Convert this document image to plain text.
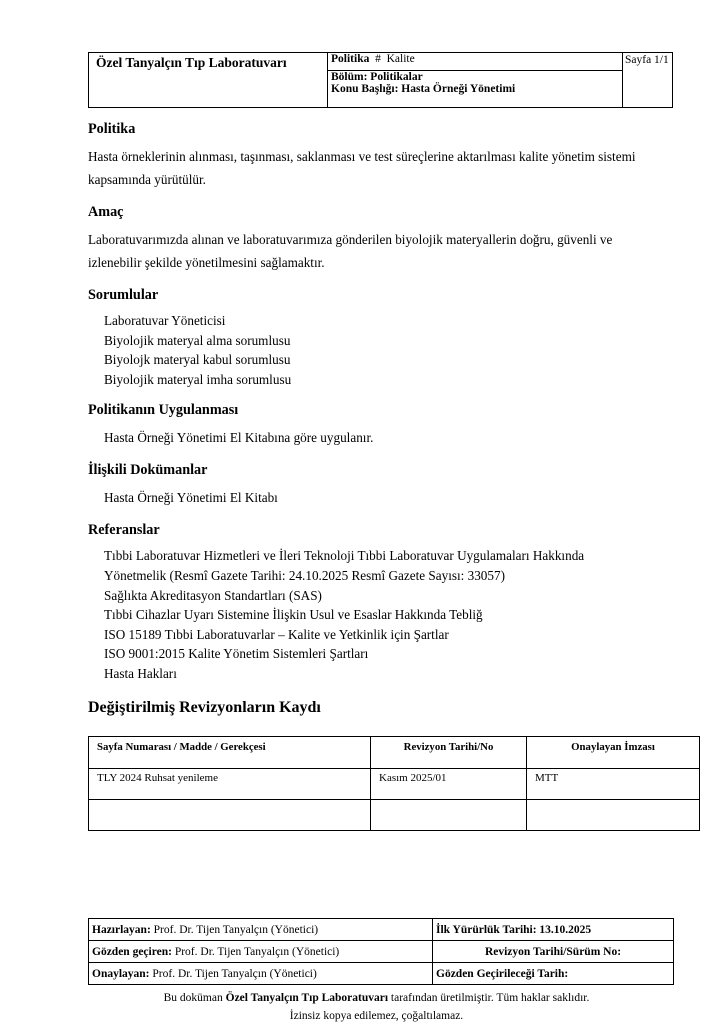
Özel Tanyalçın Tıp Laboratuvarı	Politika  #  Kalite	Sayfa 1/1

Bölüm: Politikalar
Konu Başlığı: Hasta Örneği Yönetimi
Politika

Hasta örneklerinin alınması, taşınması, saklanması ve test süreçlerine aktarılması kalite yönetim sistemi kapsamında yürütülür.

Amaç

Laboratuvarımızda alınan ve laboratuvarımıza gönderilen biyolojik materyallerin doğru, güvenli ve izlenebilir şekilde yönetilmesini sağlamaktır.

Sorumlular
Laboratuvar Yöneticisi
Biyolojik materyal alma sorumlusu
Biyolojk materyal kabul sorumlusu
Biyolojik materyal imha sorumlusu
Politikanın Uygulanması

Hasta Örneği Yönetimi El Kitabına göre uygulanır.

İlişkili Dokümanlar

Hasta Örneği Yönetimi El Kitabı

Referanslar
Tıbbi Laboratuvar Hizmetleri ve İleri Teknoloji Tıbbi Laboratuvar Uygulamaları Hakkında Yönetmelik (Resmî Gazete Tarihi: 24.10.2025 Resmî Gazete Sayısı: 33057)
Sağlıkta Akreditasyon Standartları (SAS)
Tıbbi Cihazlar Uyarı Sistemine İlişkin Usul ve Esaslar Hakkında Tebliğ
ISO 15189 Tıbbi Laboratuvarlar – Kalite ve Yetkinlik için Şartlar
ISO 9001:2015 Kalite Yönetim Sistemleri Şartları
Hasta Hakları
Değiştirilmiş Revizyonların Kaydı
Sayfa Numarası / Madde / Gerekçesi	Revizyon Tarihi/No	Onaylayan İmzası
TLY 2024 Ruhsat yenileme	Kasım 2025/01	MTT

Hazırlayan: Prof. Dr. Tijen Tanyalçın (Yönetici)	İlk Yürürlük Tarihi: 13.10.2025
Gözden geçiren: Prof. Dr. Tijen Tanyalçın (Yönetici)	Revizyon Tarihi/Sürüm No:
Onaylayan: Prof. Dr. Tijen Tanyalçın (Yönetici)	Gözden Geçirileceği Tarih:
Bu doküman Özel Tanyalçın Tıp Laboratuvarı tarafından üretilmiştir. Tüm haklar saklıdır.
İzinsiz kopya edilemez, çoğaltılamaz.
